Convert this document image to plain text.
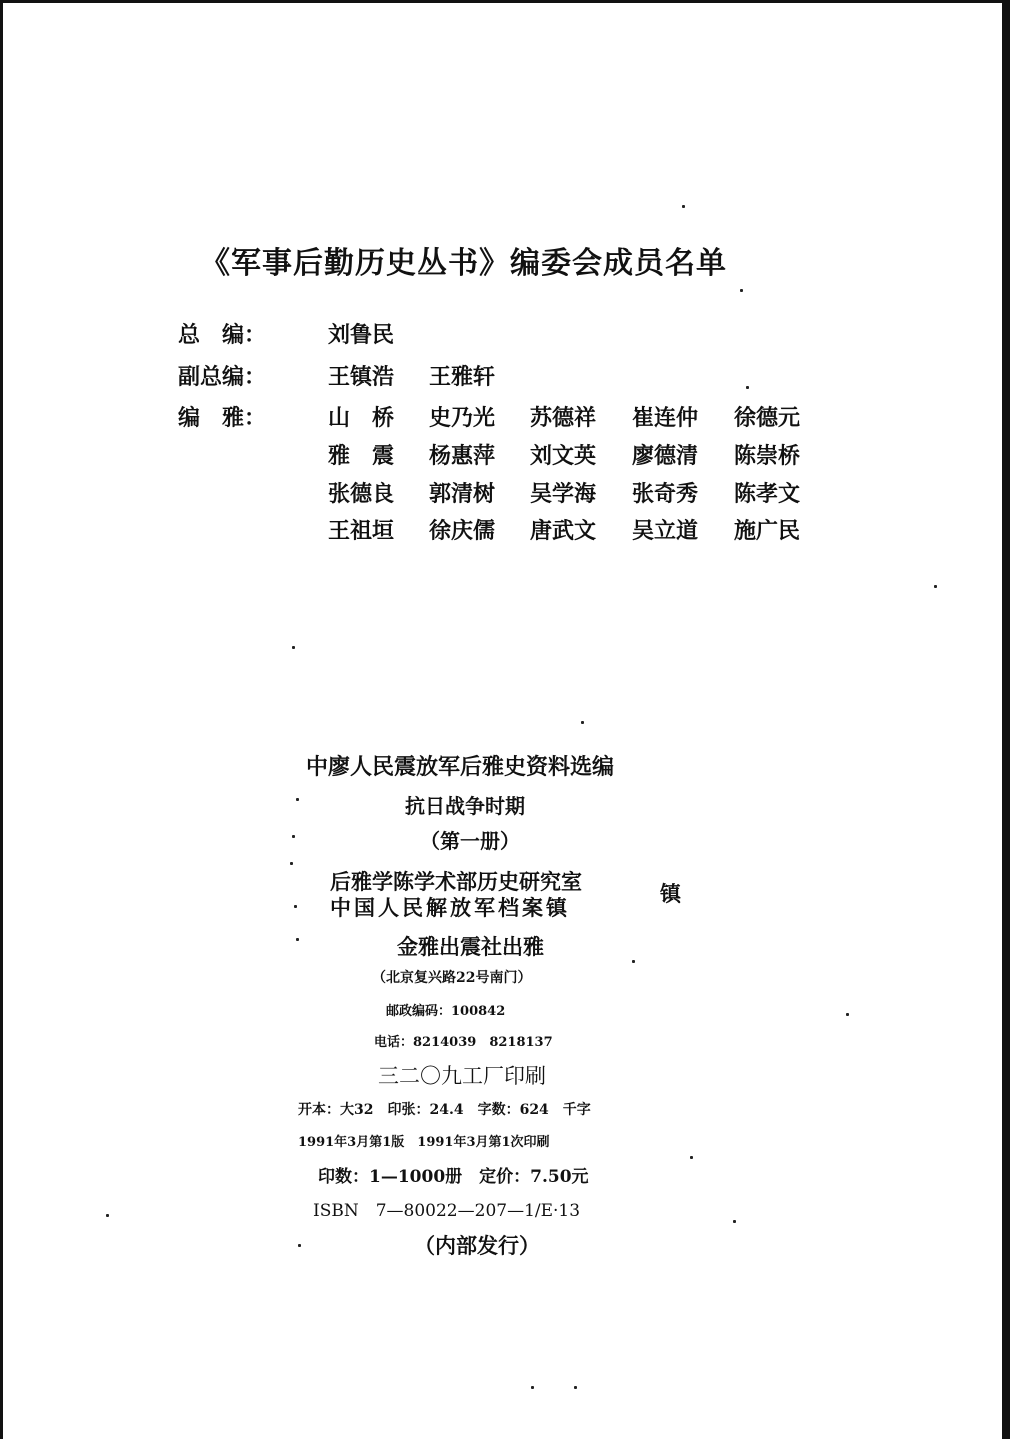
《军事后勤历史丛书》编委会成员名单
总　编：	刘鲁民
副总编：	王镇浩 王雅轩
编　雅：	山　桥 史乃光 苏德祥 崔连仲 徐德元
雅　震 杨惠萍 刘文英 廖德清 陈崇桥
张德良 郭清树 吴学海 张奇秀 陈孝文
王祖垣 徐庆儒 唐武文 吴立道 施广民
中廖人民震放军后雅史资料选编
抗日战争时期
（第一册）
后雅学陈学术部历史研究室
中国人民解放军档案镇
镇
金雅出震社出雅
（北京复兴路22号南门）
邮政编码：100842
电话：8214039　8218137
三二〇九工厂印刷
开本：大32　印张：24.4　字数：624　千字
1991年3月第1版　1991年3月第1次印刷
印数：1—1000册　定价：7.50元
ISBN　7—80022—207—1/E·13
（内部发行）
